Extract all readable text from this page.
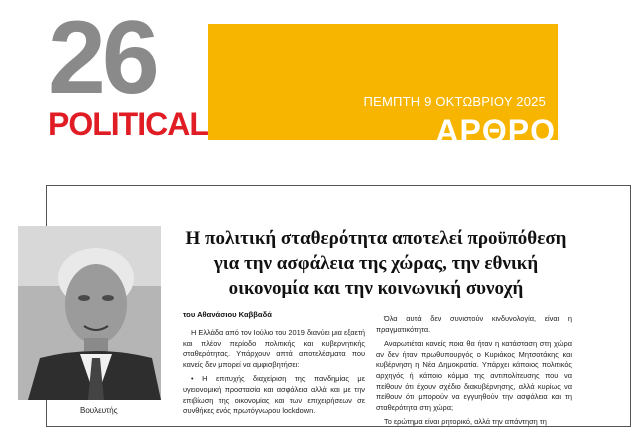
26
POLITICAL
ΠΕΜΠΤΗ 9 ΟΚΤΩΒΡΙΟΥ 2025
ΑΡΘΡΟ
Βουλευτής
Η πολιτική σταθερότητα αποτελεί προϋπόθεση
για την ασφάλεια της χώρας, την εθνική
οικονομία και την κοινωνική συνοχή
του Αθανάσιου Καββαδά

Η Ελλάδα από τον Ιούλιο του 2019 διανύει μια εξαετή και πλέον περίοδο πολιτικής και κυβερνητικής σταθερότητας. Υπάρχουν απτά αποτελέσματα που κανείς δεν μπορεί να αμφισβητήσει:

• Η επιτυχής διαχείριση της πανδημίας με υγειονομική προστασία και ασφάλεια αλλά και με την επιβίωση της οικονομίας και των επιχειρήσεων σε συνθήκες ενός πρωτόγνωρου lockdown.

Όλα αυτά δεν συνιστούν κινδυνολογία, είναι η πραγματικότητα.

Αναρωτιέται κανείς ποια θα ήταν η κατάσταση στη χώρα αν δεν ήταν πρωθυπουργός ο Κυριάκος Μητσοτάκης και κυβέρνηση η Νέα Δημοκρατία. Υπάρχει κάποιος πολιτικός αρχηγός ή κάποιο κόμμα της αντιπολίτευσης που να πείθουν ότι έχουν σχέδιο διακυβέρνησης, αλλά κυρίως να πείθουν ότι μπορούν να εγγυηθούν την ασφάλεια και τη σταθερότητα στη χώρα;

Το ερώτημα είναι ρητορικό, αλλά την απάντηση τη
